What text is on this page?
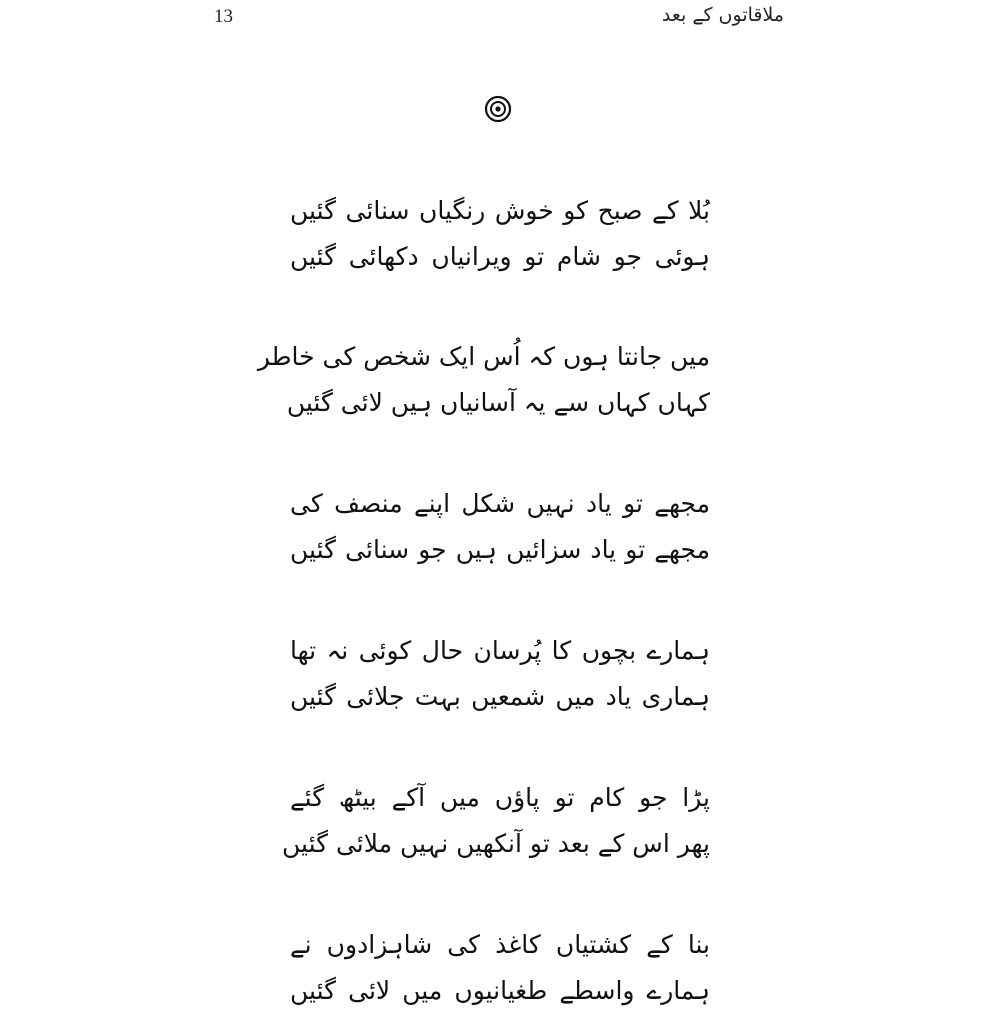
13	ملاقاتوں کے بعد
بُلا کے صبح کو خوش رنگیاں سنائی گئیں
ہوئی جو شام تو ویرانیاں دکھائی گئیں
میں جانتا ہوں کہ اُس ایک شخص کی خاطر
کہاں کہاں سے یہ آسانیاں ہیں لائی گئیں
مجھے تو یاد نہیں شکل اپنے منصف کی
مجھے تو یاد سزائیں ہیں جو سنائی گئیں
ہمارے بچوں کا پُرسان حال کوئی نہ تھا
ہماری یاد میں شمعیں بہت جلائی گئیں
پڑا جو کام تو پاؤں میں آکے بیٹھ گئے
پھر اس کے بعد تو آنکھیں نہیں ملائی گئیں
بنا کے کشتیاں کاغذ کی شاہزادوں نے
ہمارے واسطے طغیانیوں میں لائی گئیں
